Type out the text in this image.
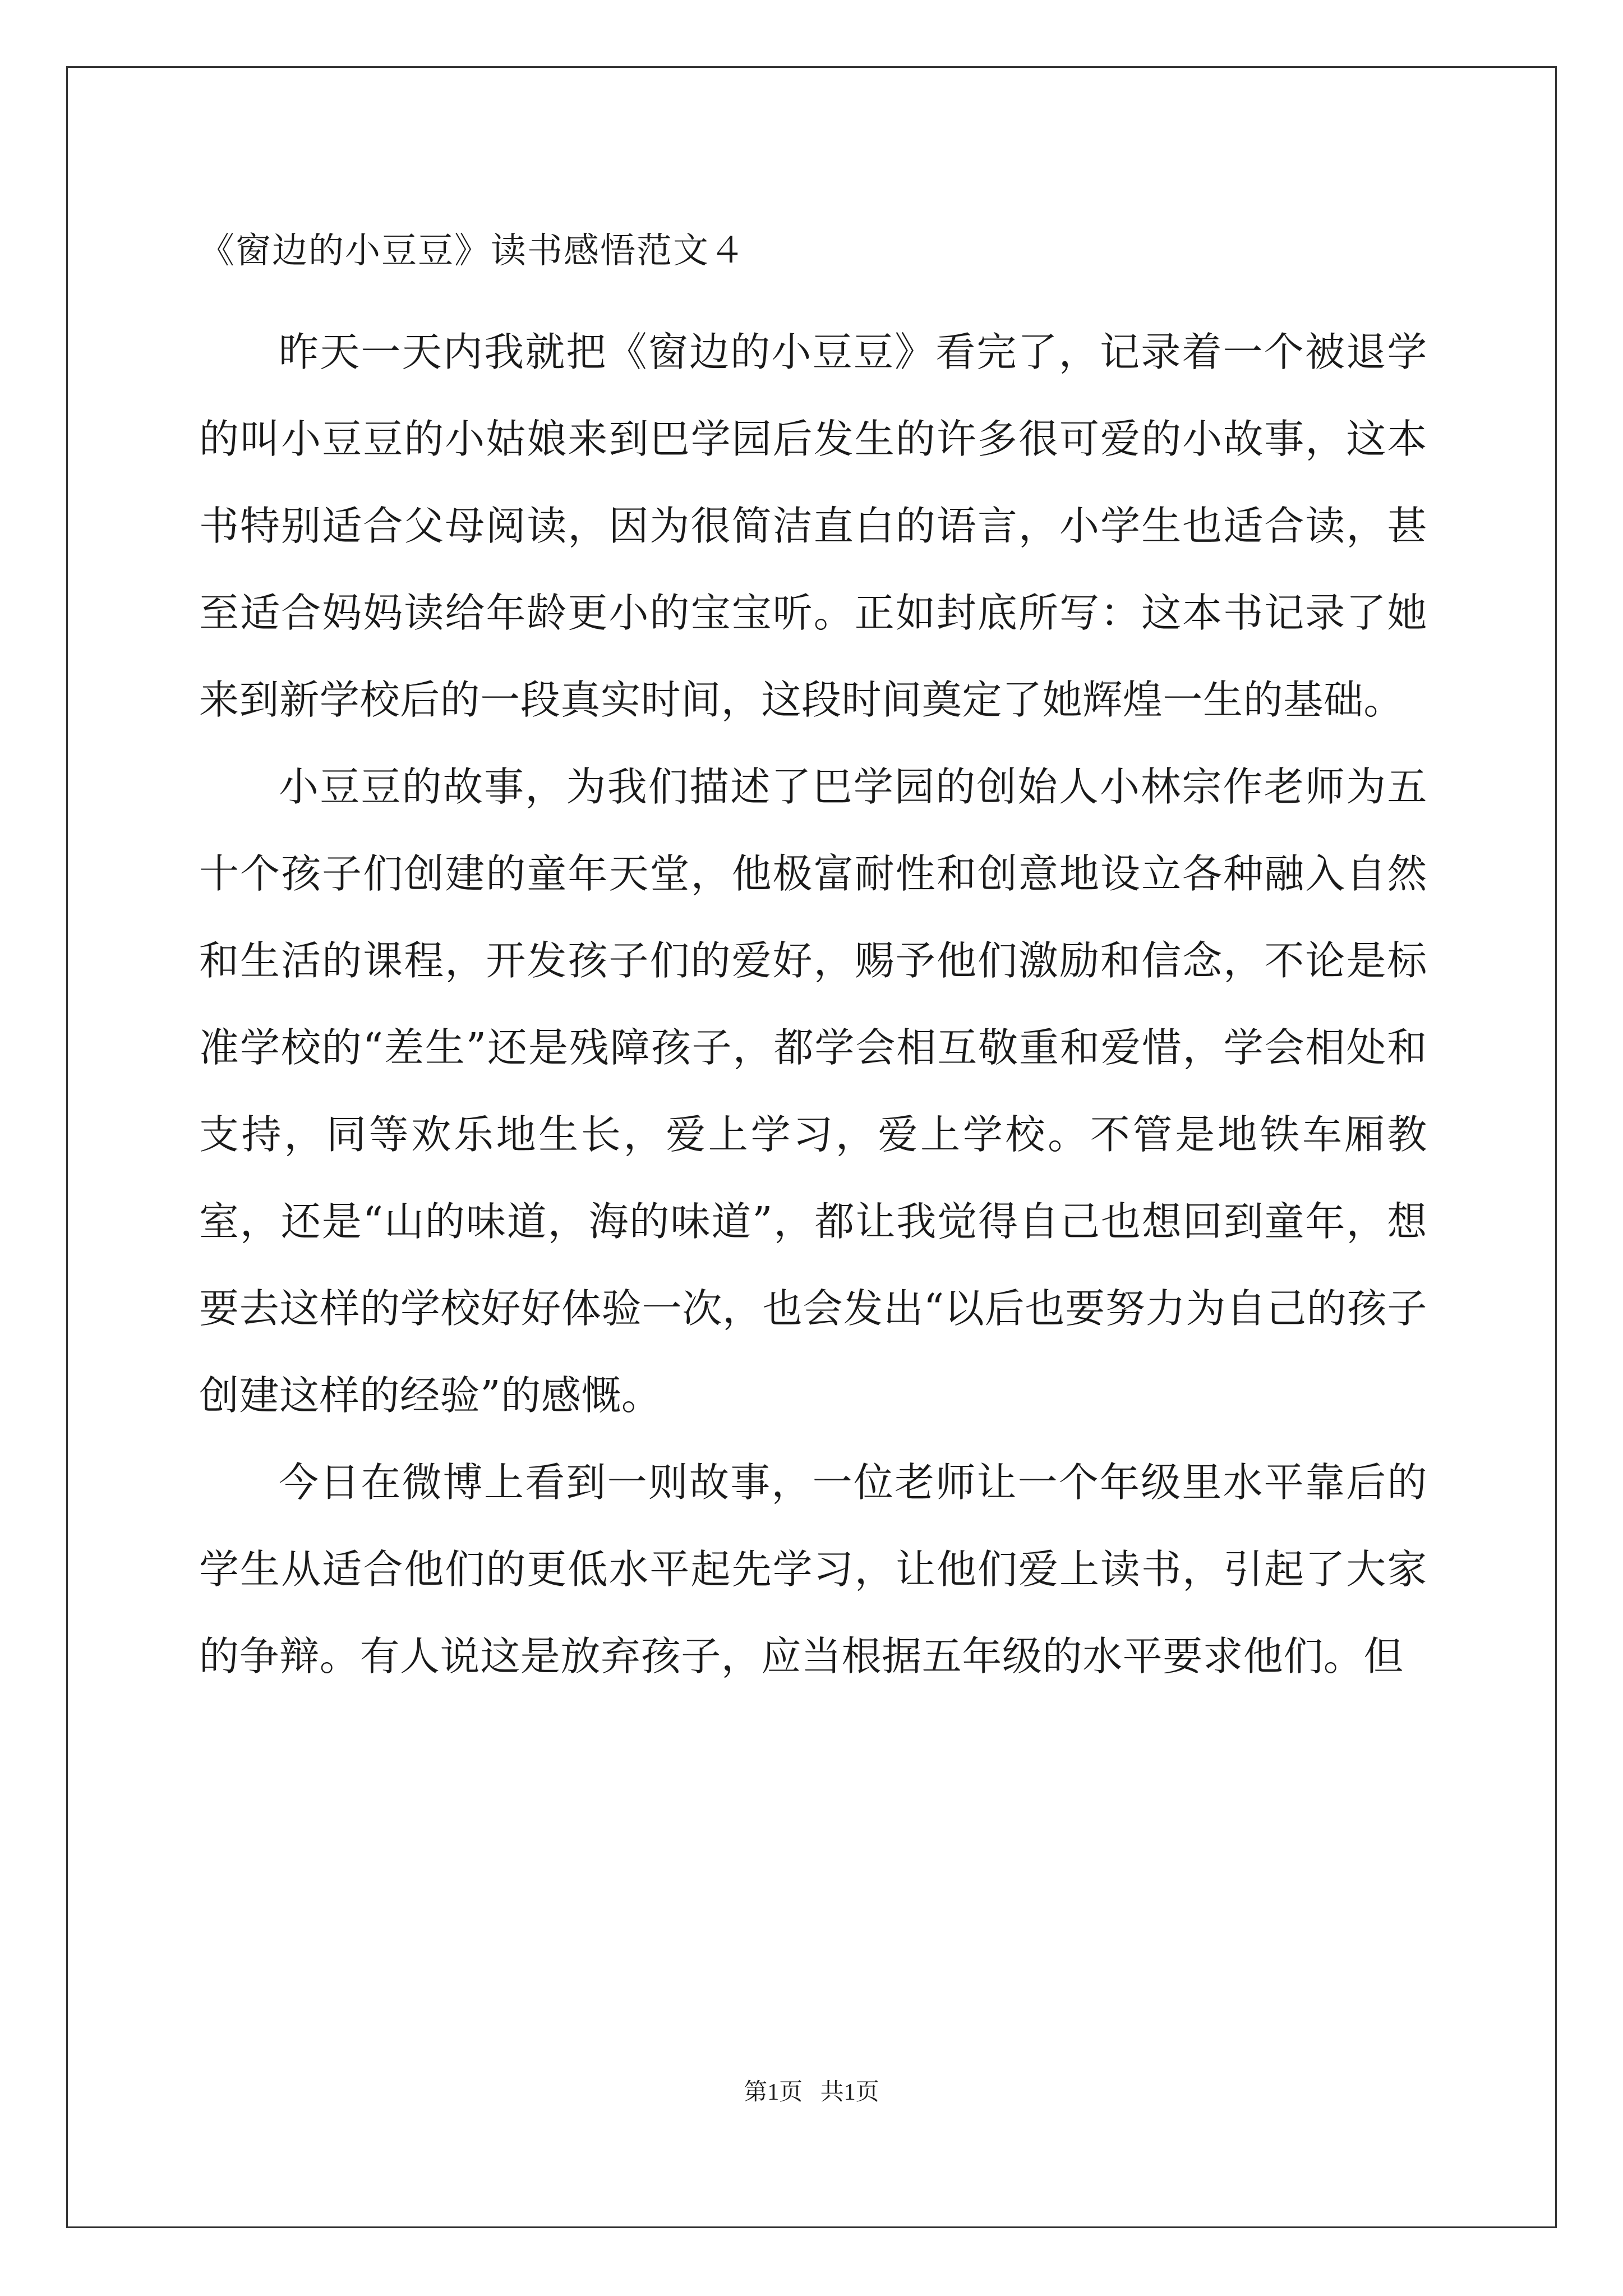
《窗边的小豆豆》读书感悟范文４

昨天一天内我就把《窗边的小豆豆》看完了，记录着一个被退学的叫小豆豆的小姑娘来到巴学园后发生的许多很可爱的小故事，这本书特别适合父母阅读，因为很简洁直白的语言，小学生也适合读，甚至适合妈妈读给年龄更小的宝宝听。正如封底所写：这本书记录了她来到新学校后的一段真实时间，这段时间奠定了她辉煌一生的基础。

小豆豆的故事，为我们描述了巴学园的创始人小林宗作老师为五十个孩子们创建的童年天堂，他极富耐性和创意地设立各种融入自然和生活的课程，开发孩子们的爱好，赐予他们激励和信念，不论是标准学校的“差生”还是残障孩子，都学会相互敬重和爱惜，学会相处和支持，同等欢乐地生长，爱上学习，爱上学校。不管是地铁车厢教室，还是“山的味道，海的味道”，都让我觉得自己也想回到童年，想要去这样的学校好好体验一次，也会发出“以后也要努力为自己的孩子创建这样的经验”的感慨。

今日在微博上看到一则故事，一位老师让一个年级里水平靠后的学生从适合他们的更低水平起先学习，让他们爱上读书，引起了大家的争辩。有人说这是放弃孩子，应当根据五年级的水平要求他们。但

第1页   共1页
